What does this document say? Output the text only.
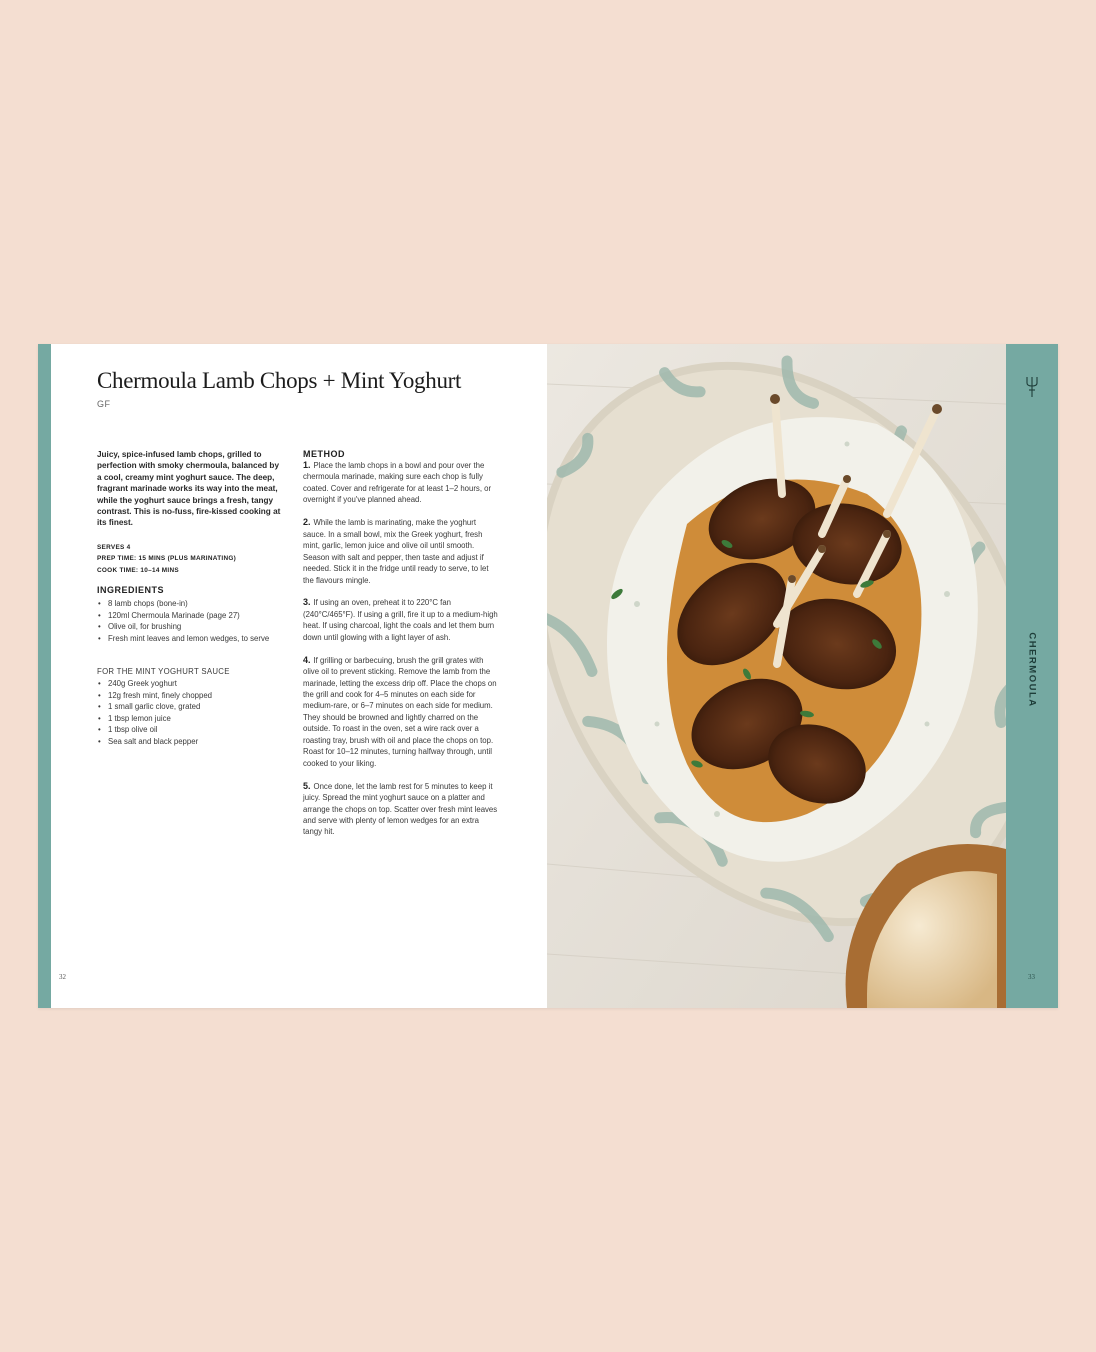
Chermoula Lamb Chops + Mint Yoghurt
GF

Juicy, spice-infused lamb chops, grilled to perfection with smoky chermoula, balanced by a cool, creamy mint yoghurt sauce. The deep, fragrant marinade works its way into the meat, while the yoghurt sauce brings a fresh, tangy contrast. This is no-fuss, fire-kissed cooking at its finest.

SERVES 4
PREP TIME: 15 MINS (PLUS MARINATING)
COOK TIME: 10–14 MINS
INGREDIENTS
• 8 lamb chops (bone-in)
• 120ml Chermoula Marinade (page 27)
• Olive oil, for brushing
• Fresh mint leaves and lemon wedges, to serve
FOR THE MINT YOGHURT SAUCE
• 240g Greek yoghurt
• 12g fresh mint, finely chopped
• 1 small garlic clove, grated
• 1 tbsp lemon juice
• 1 tbsp olive oil
• Sea salt and black pepper
METHOD

1. Place the lamb chops in a bowl and pour over the chermoula marinade, making sure each chop is fully coated. Cover and refrigerate for at least 1–2 hours, or overnight if you've planned ahead.

2. While the lamb is marinating, make the yoghurt sauce. In a small bowl, mix the Greek yoghurt, fresh mint, garlic, lemon juice and olive oil until smooth. Season with salt and pepper, then taste and adjust if needed. Stick it in the fridge until ready to serve, to let the flavours mingle.

3. If using an oven, preheat it to 220°C fan (240°C/465°F). If using a grill, fire it up to a medium-high heat. If using charcoal, light the coals and let them burn down until glowing with a light layer of ash.

4. If grilling or barbecuing, brush the grill grates with olive oil to prevent sticking. Remove the lamb from the marinade, letting the excess drip off. Place the chops on the grill and cook for 4–5 minutes on each side for medium-rare, or 6–7 minutes on each side for medium. They should be browned and lightly charred on the outside. To roast in the oven, set a wire rack over a roasting tray, brush with oil and place the chops on top. Roast for 10–12 minutes, turning halfway through, until cooked to your liking.

5. Once done, let the lamb rest for 5 minutes to keep it juicy. Spread the mint yoghurt sauce on a platter and arrange the chops on top. Scatter over fresh mint leaves and serve with plenty of lemon wedges for an extra tangy hit.

32
CHERMOULA
33
